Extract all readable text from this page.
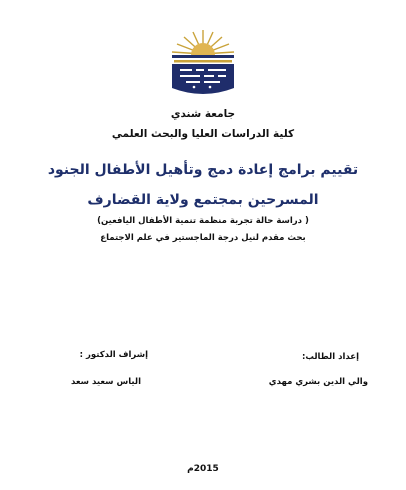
جامعة شندي
كلية الدراسات العليا والبحث العلمي
تقييم برامج إعادة دمج وتأهيل الأطفال الجنود
المسرحين بمجتمع ولاية القضارف
( دراسة حالة تجربة منظمة تنمية الأطفال اليافعين)
بحث مقدم لنيل درجة الماجستير في علم الاجتماع
إعداد الطالب:
والي الدين بشري مهدي
إشراف الدكتور :
الياس سعيد سعد
2015م
